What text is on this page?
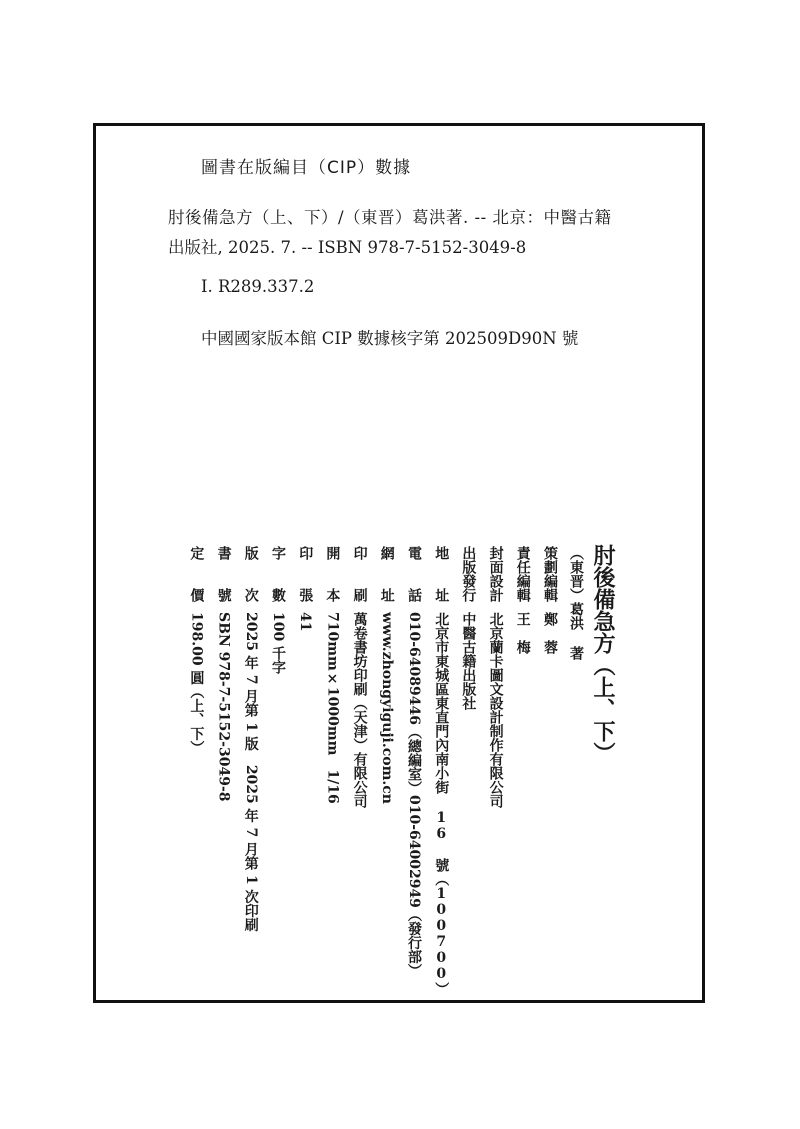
圖書在版編目（CIP）數據
肘後備急方（上、下）/（東晋）葛洪著. -- 北京：中醫古籍
出版社, 2025. 7. -- ISBN 978-7-5152-3049-8
Ⅰ. R289.337.2
中國國家版本館 CIP 數據核字第 202509D90N 號
肘後備急方（上、下）
（東晋）葛洪 著
策劃編輯鄭　蓉
責任編輯王　梅
封面設計北京蘭卡圖文設計制作有限公司
出版發行中醫古籍出版社
地　　址北京市東城區東直門內南小街 16 號（100700）
電　　話010-64089446（總編室）010-64002949（發行部）
網　　址www.zhongyiguji.com.cn
印　　刷萬卷書坊印刷（天津）有限公司
開　　本710mm×1000mm　1/16
印　　張41
字　　數100 千字
版　　次2025 年 7 月第 1 版　2025 年 7 月第 1 次印刷
書　　號SBN 978-7-5152-3049-8
定　　價198.00 圓（上、下）
